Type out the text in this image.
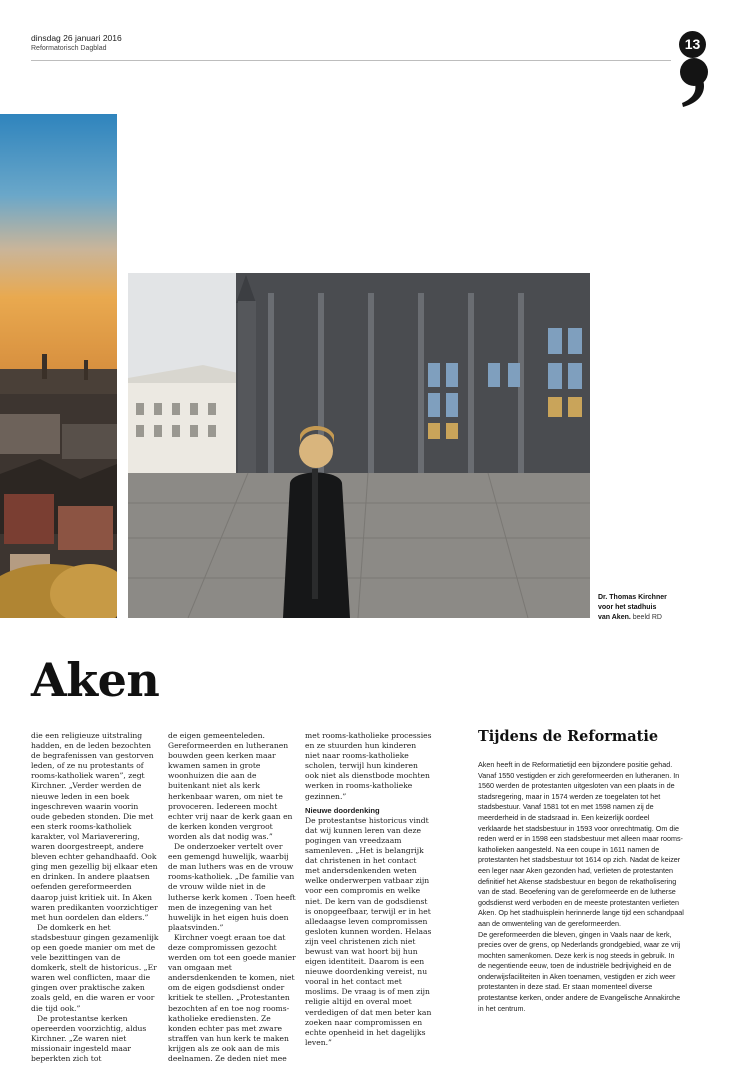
dinsdag 26 januari 2016
Reformatorisch Dagblad	13
Dr. Thomas Kirchner
voor het stadhuis
van Aken. beeld RD
Aken

die een religieuze uitstraling hadden, en de leden bezochten de begrafenissen van gestorven leden, of ze nu protestants of rooms-katholiek waren”, zegt Kirchner. „Verder werden de nieuwe leden in een boek ingeschreven waarin voorin oude gebeden stonden. Die met een sterk rooms-katholiek karakter, vol Mariaverering, waren doorgestreept, andere bleven echter gehandhaafd. Ook ging men gezellig bij elkaar eten en drinken. In andere plaatsen oefenden gereformeerden daarop juist kritiek uit. In Aken waren predikanten voorzichtiger met hun oordelen dan elders.”

De domkerk en het stadsbestuur gingen gezamenlijk op een goede manier om met de vele bezittingen van de domkerk, stelt de historicus. „Er waren wel conflicten, maar die gingen over praktische zaken zoals geld, en die waren er voor die tijd ook.”

De protestantse kerken opereerden voorzichtig, aldus Kirchner. „Ze waren niet missionair ingesteld maar beperkten zich tot

de eigen gemeenteleden. Gereformeerden en lutheranen bouwden geen kerken maar kwamen samen in grote woonhuizen die aan de buitenkant niet als kerk herkenbaar waren, om niet te provoceren. Iedereen mocht echter vrij naar de kerk gaan en de kerken konden vergroot worden als dat nodig was.”

De onderzoeker vertelt over een gemengd huwelijk, waarbij de man luthers was en de vrouw rooms-katholiek. „De familie van de vrouw wilde niet in de lutherse kerk komen . Toen heeft men de inzegening van het huwelijk in het eigen huis doen plaatsvinden.”

Kirchner voegt eraan toe dat deze compromissen gezocht werden om tot een goede manier van omgaan met andersdenkenden te komen, niet om de eigen godsdienst onder kritiek te stellen. „Protestanten bezochten af en toe nog rooms-katholieke erediensten. Ze konden echter pas met zware straffen van hun kerk te maken krijgen als ze ook aan de mis deelnamen. Ze deden niet mee

met rooms-katholieke processies en ze stuurden hun kinderen niet naar rooms-katholieke scholen, terwijl hun kinderen ook niet als dienstbode mochten werken in rooms-katholieke gezinnen.”

Nieuwe doordenking

De protestantse historicus vindt dat wij kunnen leren van deze pogingen van vreedzaam samenleven. „Het is belangrijk dat christenen in het contact met andersdenkenden weten welke onderwerpen vatbaar zijn voor een compromis en welke niet. De kern van de godsdienst is onopgeefbaar, terwijl er in het alledaagse leven compromissen gesloten kunnen worden. Helaas zijn veel christenen zich niet bewust van wat hoort bij hun eigen identiteit. Daarom is een nieuwe doordenking vereist, nu vooral in het contact met moslims. De vraag is of men zijn religie altijd en overal moet verdedigen of dat men beter kan zoeken naar compromissen en echte openheid in het dagelijks leven.”

Tijdens de Reformatie

Aken heeft in de Reformatietijd een bijzondere positie gehad. Vanaf 1550 vestigden er zich gereformeerden en lutheranen. In 1560 werden de protestanten uitgesloten van een plaats in de stadsregering, maar in 1574 werden ze toegelaten tot het stadsbestuur. Vanaf 1581 tot en met 1598 namen zij de meerderheid in de stadsraad in. Een keizerlijk oordeel verklaarde het stadsbestuur in 1593 voor onrechtmatig. Om die reden werd er in 1598 een stadsbestuur met alleen maar rooms-katholieken aangesteld. Na een coupe in 1611 namen de protestanten het stadsbestuur tot 1614 op zich. Nadat de keizer een leger naar Aken gezonden had, verlieten de protestanten definitief het Akense stadsbestuur en begon de rekatholisering van de stad. Beoefening van de gereformeerde en de lutherse godsdienst werd verboden en de meeste protestanten verlieten Aken. Op het stadhuisplein herinnerde lange tijd een schandpaal aan de omwenteling van de gereformeerden.

De gereformeerden die bleven, gingen in Vaals naar de kerk, precies over de grens, op Nederlands grondgebied, waar ze vrij mochten samenkomen. Deze kerk is nog steeds in gebruik. In de negentiende eeuw, toen de industriële bedrijvigheid en de onderwijsfaciliteiten in Aken toenamen, vestigden er zich weer protestanten in deze stad. Er staan momenteel diverse protestantse kerken, onder andere de Evangelische Annakirche in het centrum.
